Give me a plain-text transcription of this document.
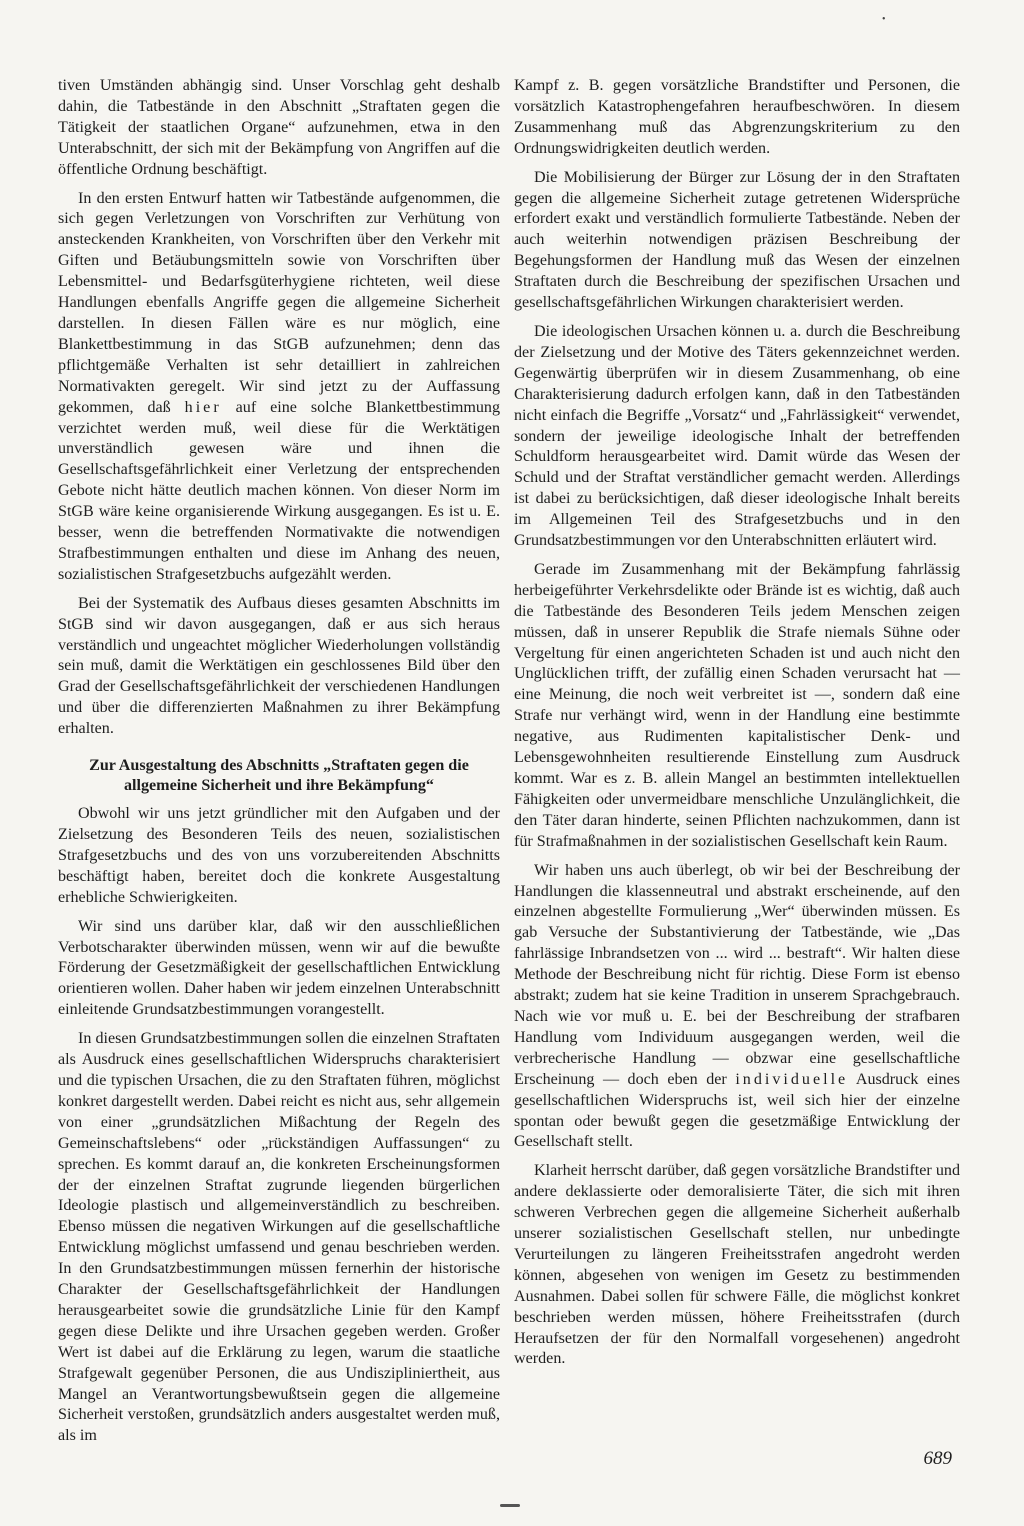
•

tiven Umständen abhängig sind. Unser Vorschlag geht deshalb dahin, die Tatbestände in den Abschnitt „Straftaten gegen die Tätigkeit der staatlichen Organe“ aufzunehmen, etwa in den Unterabschnitt, der sich mit der Bekämpfung von Angriffen auf die öffentliche Ordnung beschäftigt.

In den ersten Entwurf hatten wir Tatbestände aufgenommen, die sich gegen Verletzungen von Vorschriften zur Verhütung von ansteckenden Krankheiten, von Vorschriften über den Verkehr mit Giften und Betäubungsmitteln sowie von Vorschriften über Lebensmittel- und Bedarfsgüterhygiene richteten, weil diese Handlungen ebenfalls Angriffe gegen die allgemeine Sicherheit darstellen. In diesen Fällen wäre es nur möglich, eine Blankettbestimmung in das StGB aufzunehmen; denn das pflichtgemäße Verhalten ist sehr detailliert in zahlreichen Normativakten geregelt. Wir sind jetzt zu der Auffassung gekommen, daß hier auf eine solche Blankettbestimmung verzichtet werden muß, weil diese für die Werktätigen unverständlich gewesen wäre und ihnen die Gesellschaftsgefährlichkeit einer Verletzung der entsprechenden Gebote nicht hätte deutlich machen können. Von dieser Norm im StGB wäre keine organisierende Wirkung ausgegangen. Es ist u. E. besser, wenn die betreffenden Normativakte die notwendigen Strafbestimmungen enthalten und diese im Anhang des neuen, sozialistischen Strafgesetzbuchs aufgezählt werden.

Bei der Systematik des Aufbaus dieses gesamten Abschnitts im StGB sind wir davon ausgegangen, daß er aus sich heraus verständlich und ungeachtet möglicher Wiederholungen vollständig sein muß, damit die Werktätigen ein geschlossenes Bild über den Grad der Gesellschaftsgefährlichkeit der verschiedenen Handlungen und über die differenzierten Maßnahmen zu ihrer Bekämpfung erhalten.

Zur Ausgestaltung des Abschnitts „Straftaten gegen die allgemeine Sicherheit und ihre Bekämpfung“

Obwohl wir uns jetzt gründlicher mit den Aufgaben und der Zielsetzung des Besonderen Teils des neuen, sozialistischen Strafgesetzbuchs und des von uns vorzubereitenden Abschnitts beschäftigt haben, bereitet doch die konkrete Ausgestaltung erhebliche Schwierigkeiten.

Wir sind uns darüber klar, daß wir den ausschließlichen Verbotscharakter überwinden müssen, wenn wir auf die bewußte Förderung der Gesetzmäßigkeit der gesellschaftlichen Entwicklung orientieren wollen. Daher haben wir jedem einzelnen Unterabschnitt einleitende Grundsatzbestimmungen vorangestellt.

In diesen Grundsatzbestimmungen sollen die einzelnen Straftaten als Ausdruck eines gesellschaftlichen Widerspruchs charakterisiert und die typischen Ursachen, die zu den Straftaten führen, möglichst konkret dargestellt werden. Dabei reicht es nicht aus, sehr allgemein von einer „grundsätzlichen Mißachtung der Regeln des Gemeinschaftslebens“ oder „rückständigen Auffassungen“ zu sprechen. Es kommt darauf an, die konkreten Erscheinungsformen der der einzelnen Straftat zugrunde liegenden bürgerlichen Ideologie plastisch und allgemeinverständlich zu beschreiben. Ebenso müssen die negativen Wirkungen auf die gesellschaftliche Entwicklung möglichst umfassend und genau beschrieben werden. In den Grundsatzbestimmungen müssen fernerhin der historische Charakter der Gesellschaftsgefährlichkeit der Handlungen herausgearbeitet sowie die grundsätzliche Linie für den Kampf gegen diese Delikte und ihre Ursachen gegeben werden. Großer Wert ist dabei auf die Erklärung zu legen, warum die staatliche Strafgewalt gegenüber Personen, die aus Undiszipliniertheit, aus Mangel an Verantwortungsbewußtsein gegen die allgemeine Sicherheit verstoßen, grundsätzlich anders ausgestaltet werden muß, als im

Kampf z. B. gegen vorsätzliche Brandstifter und Personen, die vorsätzlich Katastrophengefahren heraufbeschwören. In diesem Zusammenhang muß das Abgrenzungskriterium zu den Ordnungswidrigkeiten deutlich werden.

Die Mobilisierung der Bürger zur Lösung der in den Straftaten gegen die allgemeine Sicherheit zutage getretenen Widersprüche erfordert exakt und verständlich formulierte Tatbestände. Neben der auch weiterhin notwendigen präzisen Beschreibung der Begehungsformen der Handlung muß das Wesen der einzelnen Straftaten durch die Beschreibung der spezifischen Ursachen und gesellschaftsgefährlichen Wirkungen charakterisiert werden.

Die ideologischen Ursachen können u. a. durch die Beschreibung der Zielsetzung und der Motive des Täters gekennzeichnet werden. Gegenwärtig überprüfen wir in diesem Zusammenhang, ob eine Charakterisierung dadurch erfolgen kann, daß in den Tatbeständen nicht einfach die Begriffe „Vorsatz“ und „Fahrlässigkeit“ verwendet, sondern der jeweilige ideologische Inhalt der betreffenden Schuldform herausgearbeitet wird. Damit würde das Wesen der Schuld und der Straftat verständlicher gemacht werden. Allerdings ist dabei zu berücksichtigen, daß dieser ideologische Inhalt bereits im Allgemeinen Teil des Strafgesetzbuchs und in den Grundsatzbestimmungen vor den Unterabschnitten erläutert wird.

Gerade im Zusammenhang mit der Bekämpfung fahrlässig herbeigeführter Verkehrsdelikte oder Brände ist es wichtig, daß auch die Tatbestände des Besonderen Teils jedem Menschen zeigen müssen, daß in unserer Republik die Strafe niemals Sühne oder Vergeltung für einen angerichteten Schaden ist und auch nicht den Unglücklichen trifft, der zufällig einen Schaden verursacht hat — eine Meinung, die noch weit verbreitet ist —, sondern daß eine Strafe nur verhängt wird, wenn in der Handlung eine bestimmte negative, aus Rudimenten kapitalistischer Denk- und Lebensgewohnheiten resultierende Einstellung zum Ausdruck kommt. War es z. B. allein Mangel an bestimmten intellektuellen Fähigkeiten oder unvermeidbare menschliche Unzulänglichkeit, die den Täter daran hinderte, seinen Pflichten nachzukommen, dann ist für Strafmaßnahmen in der sozialistischen Gesellschaft kein Raum.

Wir haben uns auch überlegt, ob wir bei der Beschreibung der Handlungen die klassenneutral und abstrakt erscheinende, auf den einzelnen abgestellte Formulierung „Wer“ überwinden müssen. Es gab Versuche der Substantivierung der Tatbestände, wie „Das fahrlässige Inbrandsetzen von ... wird ... bestraft“. Wir halten diese Methode der Beschreibung nicht für richtig. Diese Form ist ebenso abstrakt; zudem hat sie keine Tradition in unserem Sprachgebrauch. Nach wie vor muß u. E. bei der Beschreibung der strafbaren Handlung vom Individuum ausgegangen werden, weil die verbrecherische Handlung — obzwar eine gesellschaftliche Erscheinung — doch eben der individuelle Ausdruck eines gesellschaftlichen Widerspruchs ist, weil sich hier der einzelne spontan oder bewußt gegen die gesetzmäßige Entwicklung der Gesellschaft stellt.

Klarheit herrscht darüber, daß gegen vorsätzliche Brandstifter und andere deklassierte oder demoralisierte Täter, die sich mit ihren schweren Verbrechen gegen die allgemeine Sicherheit außerhalb unserer sozialistischen Gesellschaft stellen, nur unbedingte Verurteilungen zu längeren Freiheitsstrafen angedroht werden können, abgesehen von wenigen im Gesetz zu bestimmenden Ausnahmen. Dabei sollen für schwere Fälle, die möglichst konkret beschrieben werden müssen, höhere Freiheitsstrafen (durch Heraufsetzen der für den Normalfall vorgesehenen) angedroht werden.

689
